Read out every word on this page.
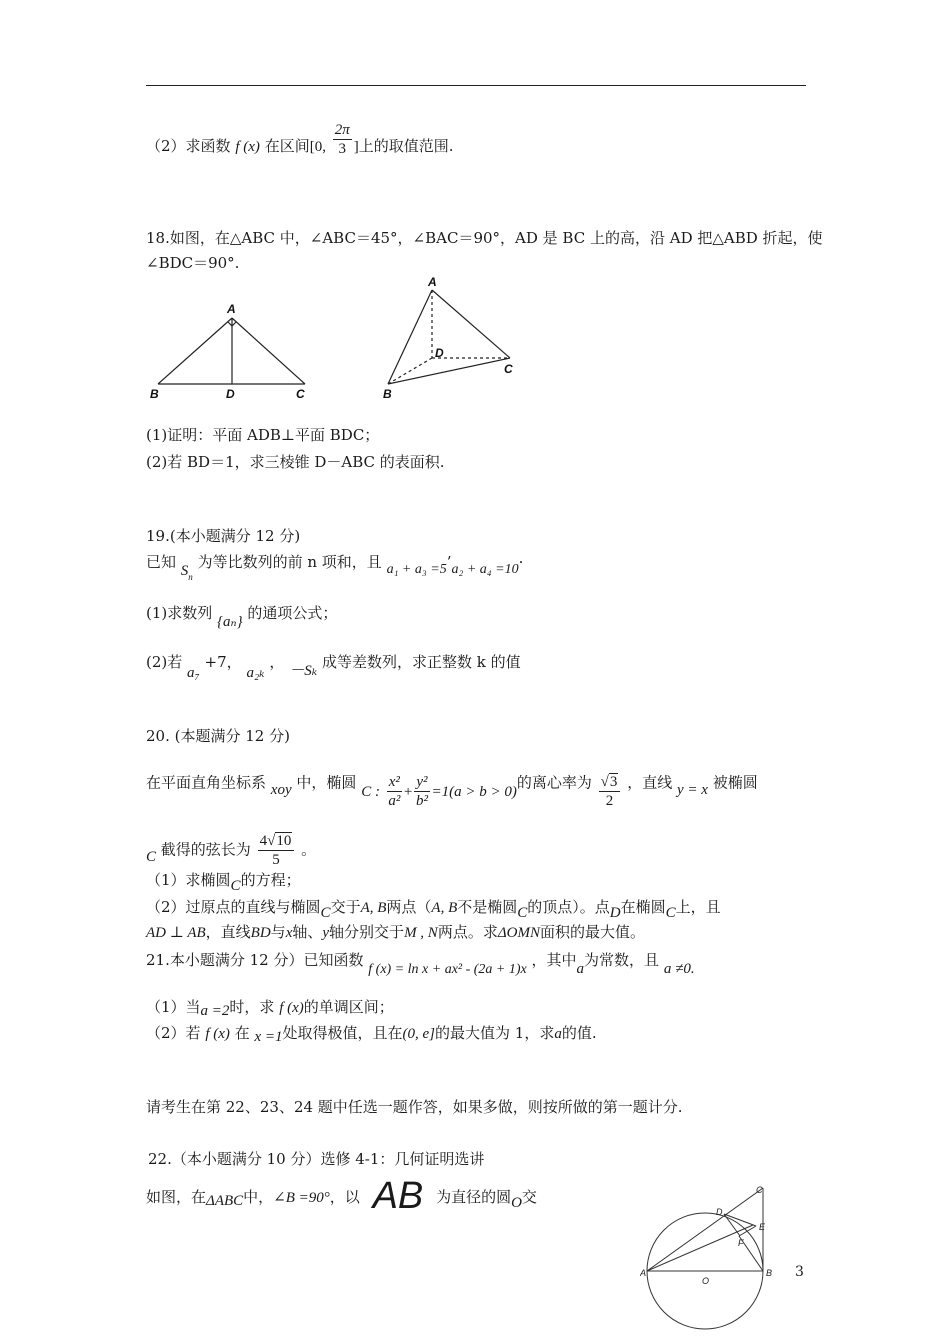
（2）求函数 f (x) 在区间[0, $\frac{2\pi}{3}$ ]上的取值范围.
18.如图，在△ABC 中，∠ABC＝45°，∠BAC＝90°，AD 是 BC 上的高，沿 AD 把△ABD 折起，使
∠BDC＝90°.
A
B	D	C
A
D
C
B
(1)证明：平面 ADB⊥平面 BDC；
(2)若 BD＝1，求三棱锥 D－ABC 的表面积.
19.(本小题满分 12 分)
已知 $S_n$ 为等比数列的前 n 项和，且 a₁ + a₃ =5’a₂ + a₄ =10·
(1)求数列 {aₙ} 的通项公式；
(2)若 a₇ +7， a₂ₖ ， －Sₖ 成等差数列，求正整数 k 的值
20. (本题满分 12 分)
在平面直角坐标系 xoy 中，椭圆 C : $\frac{\text{x²}}{\text{a²}} + \frac{\text{y²}}{\text{b²}} =1(a > b > 0)$的离心率为 $\frac{√3}{2}$ ，直线 y = x 被椭圆
C 截得的弦长为 $\frac{4√10}{5}$ 。
（1）求椭圆C的方程；
（2）过原点的直线与椭圆C交于A, B两点（A, B不是椭圆C的顶点）。点D在椭圆C上，且
AD ⊥ AB，直线BD与x轴、y轴分别交于M , N两点。求ΔOMN面积的最大值。
21.本小题满分 12 分）已知函数 f (x) = ln x + ax² - (2a + 1)x ，其中a为常数，且 a ≠0.
（1）当a =2时，求 f (x)的单调区间；
（2）若 f (x) 在 x =1处取得极值，且在(0, e]的最大值为 1，求a的值.
请考生在第 22、23、24 题中任选一题作答，如果多做，则按所做的第一题计分.
22.（本小题满分 10 分）选修 4-1：几何证明选讲
如图，在ΔABC中，∠B =90°，以 AB 为直径的圆O交	C
D
E
F
A
O
B 3
